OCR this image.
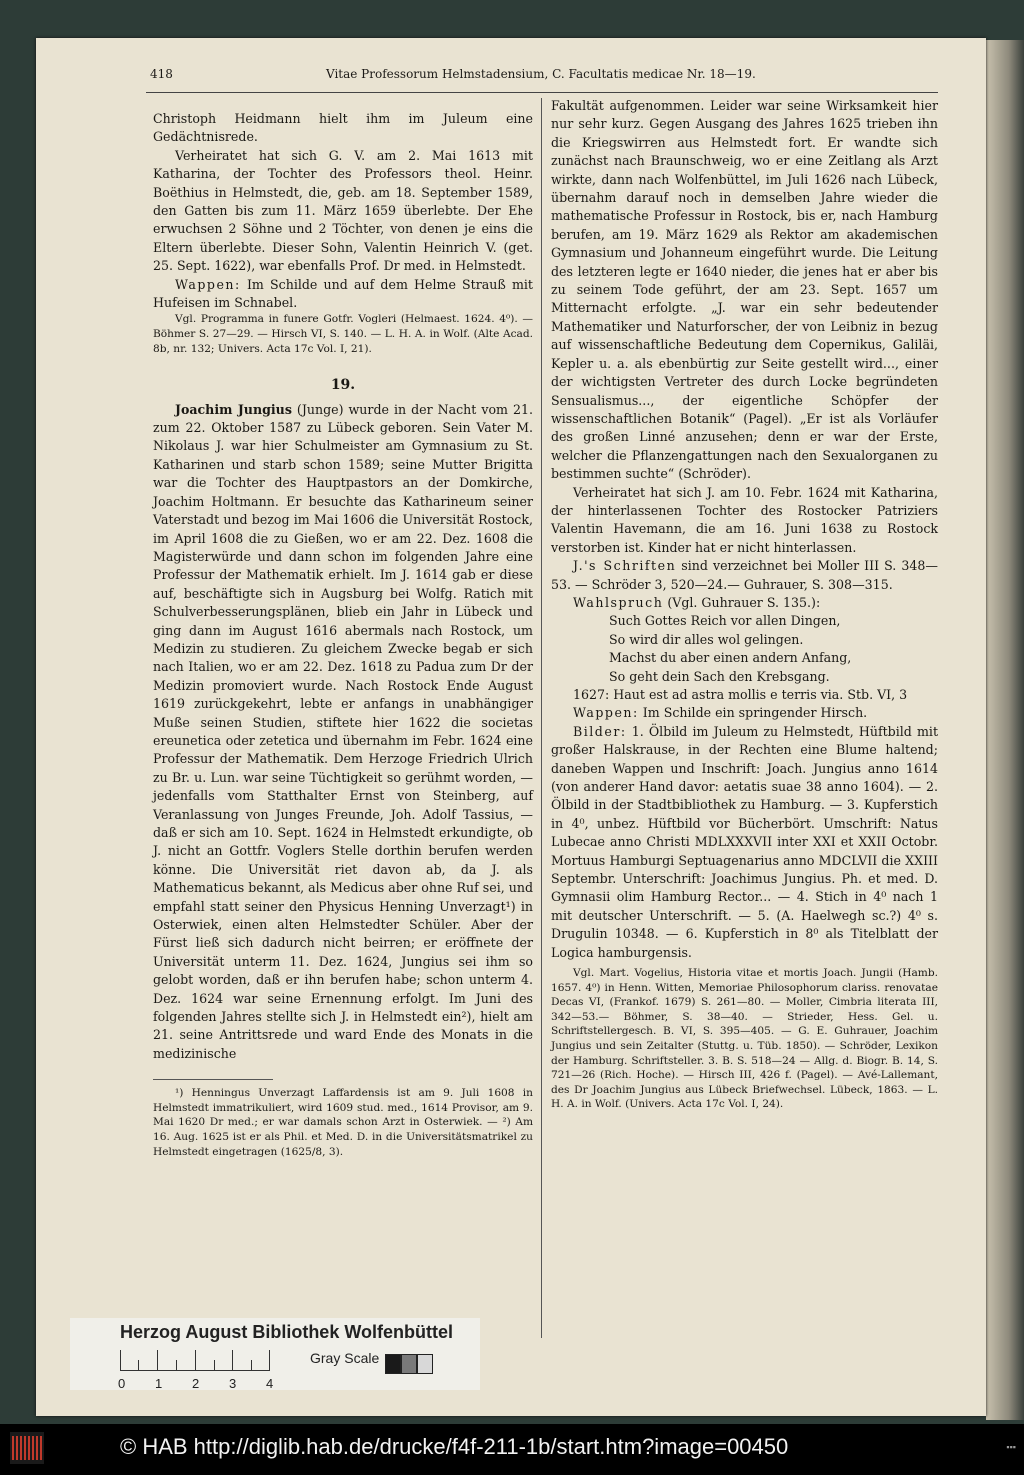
418	Vitae Professorum Helmstadensium, C. Facultatis medicae Nr. 18—19.

Christoph Heidmann hielt ihm im Juleum eine Gedächtnisrede.

Verheiratet hat sich G. V. am 2. Mai 1613 mit Katharina, der Tochter des Professors theol. Heinr. Boëthius in Helmstedt, die, geb. am 18. September 1589, den Gatten bis zum 11. März 1659 überlebte. Der Ehe erwuchsen 2 Söhne und 2 Töchter, von denen je eins die Eltern überlebte. Dieser Sohn, Valentin Heinrich V. (get. 25. Sept. 1622), war ebenfalls Prof. Dr med. in Helmstedt.

Wappen: Im Schilde und auf dem Helme Strauß mit Hufeisen im Schnabel.

Vgl. Programma in funere Gotfr. Vogleri (Helmaest. 1624. 4⁰). — Böhmer S. 27—29. — Hirsch VI, S. 140. — L. H. A. in Wolf. (Alte Acad. 8b, nr. 132; Univers. Acta 17c Vol. I, 21).

19.

Joachim Jungius (Junge) wurde in der Nacht vom 21. zum 22. Oktober 1587 zu Lübeck geboren. Sein Vater M. Nikolaus J. war hier Schulmeister am Gymnasium zu St. Katharinen und starb schon 1589; seine Mutter Brigitta war die Tochter des Hauptpastors an der Domkirche, Joachim Holtmann. Er besuchte das Katharineum seiner Vaterstadt und bezog im Mai 1606 die Universität Rostock, im April 1608 die zu Gießen, wo er am 22. Dez. 1608 die Magisterwürde und dann schon im folgenden Jahre eine Professur der Mathematik erhielt. Im J. 1614 gab er diese auf, beschäftigte sich in Augsburg bei Wolfg. Ratich mit Schulverbesserungsplänen, blieb ein Jahr in Lübeck und ging dann im August 1616 abermals nach Rostock, um Medizin zu studieren. Zu gleichem Zwecke begab er sich nach Italien, wo er am 22. Dez. 1618 zu Padua zum Dr der Medizin promoviert wurde. Nach Rostock Ende August 1619 zurückgekehrt, lebte er anfangs in unabhängiger Muße seinen Studien, stiftete hier 1622 die societas ereunetica oder zetetica und übernahm im Febr. 1624 eine Professur der Mathematik. Dem Herzoge Friedrich Ulrich zu Br. u. Lun. war seine Tüchtigkeit so gerühmt worden, — jedenfalls vom Statthalter Ernst von Steinberg, auf Veranlassung von Junges Freunde, Joh. Adolf Tassius, — daß er sich am 10. Sept. 1624 in Helmstedt erkundigte, ob J. nicht an Gottfr. Voglers Stelle dorthin berufen werden könne. Die Universität riet davon ab, da J. als Mathematicus bekannt, als Medicus aber ohne Ruf sei, und empfahl statt seiner den Physicus Henning Unverzagt¹) in Osterwiek, einen alten Helmstedter Schüler. Aber der Fürst ließ sich dadurch nicht beirren; er eröffnete der Universität unterm 11. Dez. 1624, Jungius sei ihm so gelobt worden, daß er ihn berufen habe; schon unterm 4. Dez. 1624 war seine Ernennung erfolgt. Im Juni des folgenden Jahres stellte sich J. in Helmstedt ein²), hielt am 21. seine Antrittsrede und ward Ende des Monats in die medizinische

¹) Henningus Unverzagt Laffardensis ist am 9. Juli 1608 in Helmstedt immatrikuliert, wird 1609 stud. med., 1614 Provisor, am 9. Mai 1620 Dr med.; er war damals schon Arzt in Osterwiek. — ²) Am 16. Aug. 1625 ist er als Phil. et Med. D. in die Universitätsmatrikel zu Helmstedt eingetragen (1625/8, 3).

Fakultät aufgenommen. Leider war seine Wirksamkeit hier nur sehr kurz. Gegen Ausgang des Jahres 1625 trieben ihn die Kriegswirren aus Helmstedt fort. Er wandte sich zunächst nach Braunschweig, wo er eine Zeitlang als Arzt wirkte, dann nach Wolfenbüttel, im Juli 1626 nach Lübeck, übernahm darauf noch in demselben Jahre wieder die mathematische Professur in Rostock, bis er, nach Hamburg berufen, am 19. März 1629 als Rektor am akademischen Gymnasium und Johanneum eingeführt wurde. Die Leitung des letzteren legte er 1640 nieder, die jenes hat er aber bis zu seinem Tode geführt, der am 23. Sept. 1657 um Mitternacht erfolgte. „J. war ein sehr bedeutender Mathematiker und Naturforscher, der von Leibniz in bezug auf wissenschaftliche Bedeutung dem Copernikus, Galiläi, Kepler u. a. als ebenbürtig zur Seite gestellt wird..., einer der wichtigsten Vertreter des durch Locke begründeten Sensualismus..., der eigentliche Schöpfer der wissenschaftlichen Botanik“ (Pagel). „Er ist als Vorläufer des großen Linné anzusehen; denn er war der Erste, welcher die Pflanzengattungen nach den Sexualorganen zu bestimmen suchte“ (Schröder).

Verheiratet hat sich J. am 10. Febr. 1624 mit Katharina, der hinterlassenen Tochter des Rostocker Patriziers Valentin Havemann, die am 16. Juni 1638 zu Rostock verstorben ist. Kinder hat er nicht hinterlassen.

J.'s Schriften sind verzeichnet bei Moller III S. 348—53. — Schröder 3, 520—24.— Guhrauer, S. 308—315.

Wahlspruch (Vgl. Guhrauer S. 135.):

Such Gottes Reich vor allen Dingen,

So wird dir alles wol gelingen.

Machst du aber einen andern Anfang,

So geht dein Sach den Krebsgang.

1627: Haut est ad astra mollis e terris via. Stb. VI, 3

Wappen: Im Schilde ein springender Hirsch.

Bilder: 1. Ölbild im Juleum zu Helmstedt, Hüftbild mit großer Halskrause, in der Rechten eine Blume haltend; daneben Wappen und Inschrift: Joach. Jungius anno 1614 (von anderer Hand davor: aetatis suae 38 anno 1604). — 2. Ölbild in der Stadtbibliothek zu Hamburg. — 3. Kupferstich in 4⁰, unbez. Hüftbild vor Bücherbört. Umschrift: Natus Lubecae anno Christi MDLXXXVII inter XXI et XXII Octobr. Mortuus Hamburgi Septuagenarius anno MDCLVII die XXIII Septembr. Unterschrift: Joachimus Jungius. Ph. et med. D. Gymnasii olim Hamburg Rector... — 4. Stich in 4⁰ nach 1 mit deutscher Unterschrift. — 5. (A. Haelwegh sc.?) 4⁰ s. Drugulin 10348. — 6. Kupferstich in 8⁰ als Titelblatt der Logica hamburgensis.

Vgl. Mart. Vogelius, Historia vitae et mortis Joach. Jungii (Hamb. 1657. 4⁰) in Henn. Witten, Memoriae Philosophorum clariss. renovatae Decas VI, (Frankof. 1679) S. 261—80. — Moller, Cimbria literata III, 342—53.— Böhmer, S. 38—40. — Strieder, Hess. Gel. u. Schriftstellergesch. B. VI, S. 395—405. — G. E. Guhrauer, Joachim Jungius und sein Zeitalter (Stuttg. u. Tüb. 1850). — Schröder, Lexikon der Hamburg. Schriftsteller. 3. B. S. 518—24 — Allg. d. Biogr. B. 14, S. 721—26 (Rich. Hoche). — Hirsch III, 426 f. (Pagel). — Avé-Lallemant, des Dr Joachim Jungius aus Lübeck Briefwechsel. Lübeck, 1863. — L. H. A. in Wolf. (Univers. Acta 17c Vol. I, 24).

Herzog August Bibliothek Wolfenbüttel
0 1 2 3 4
Gray Scale
© HAB http://diglib.hab.de/drucke/f4f-211-1b/start.htm?image=00450	▪▪▪
